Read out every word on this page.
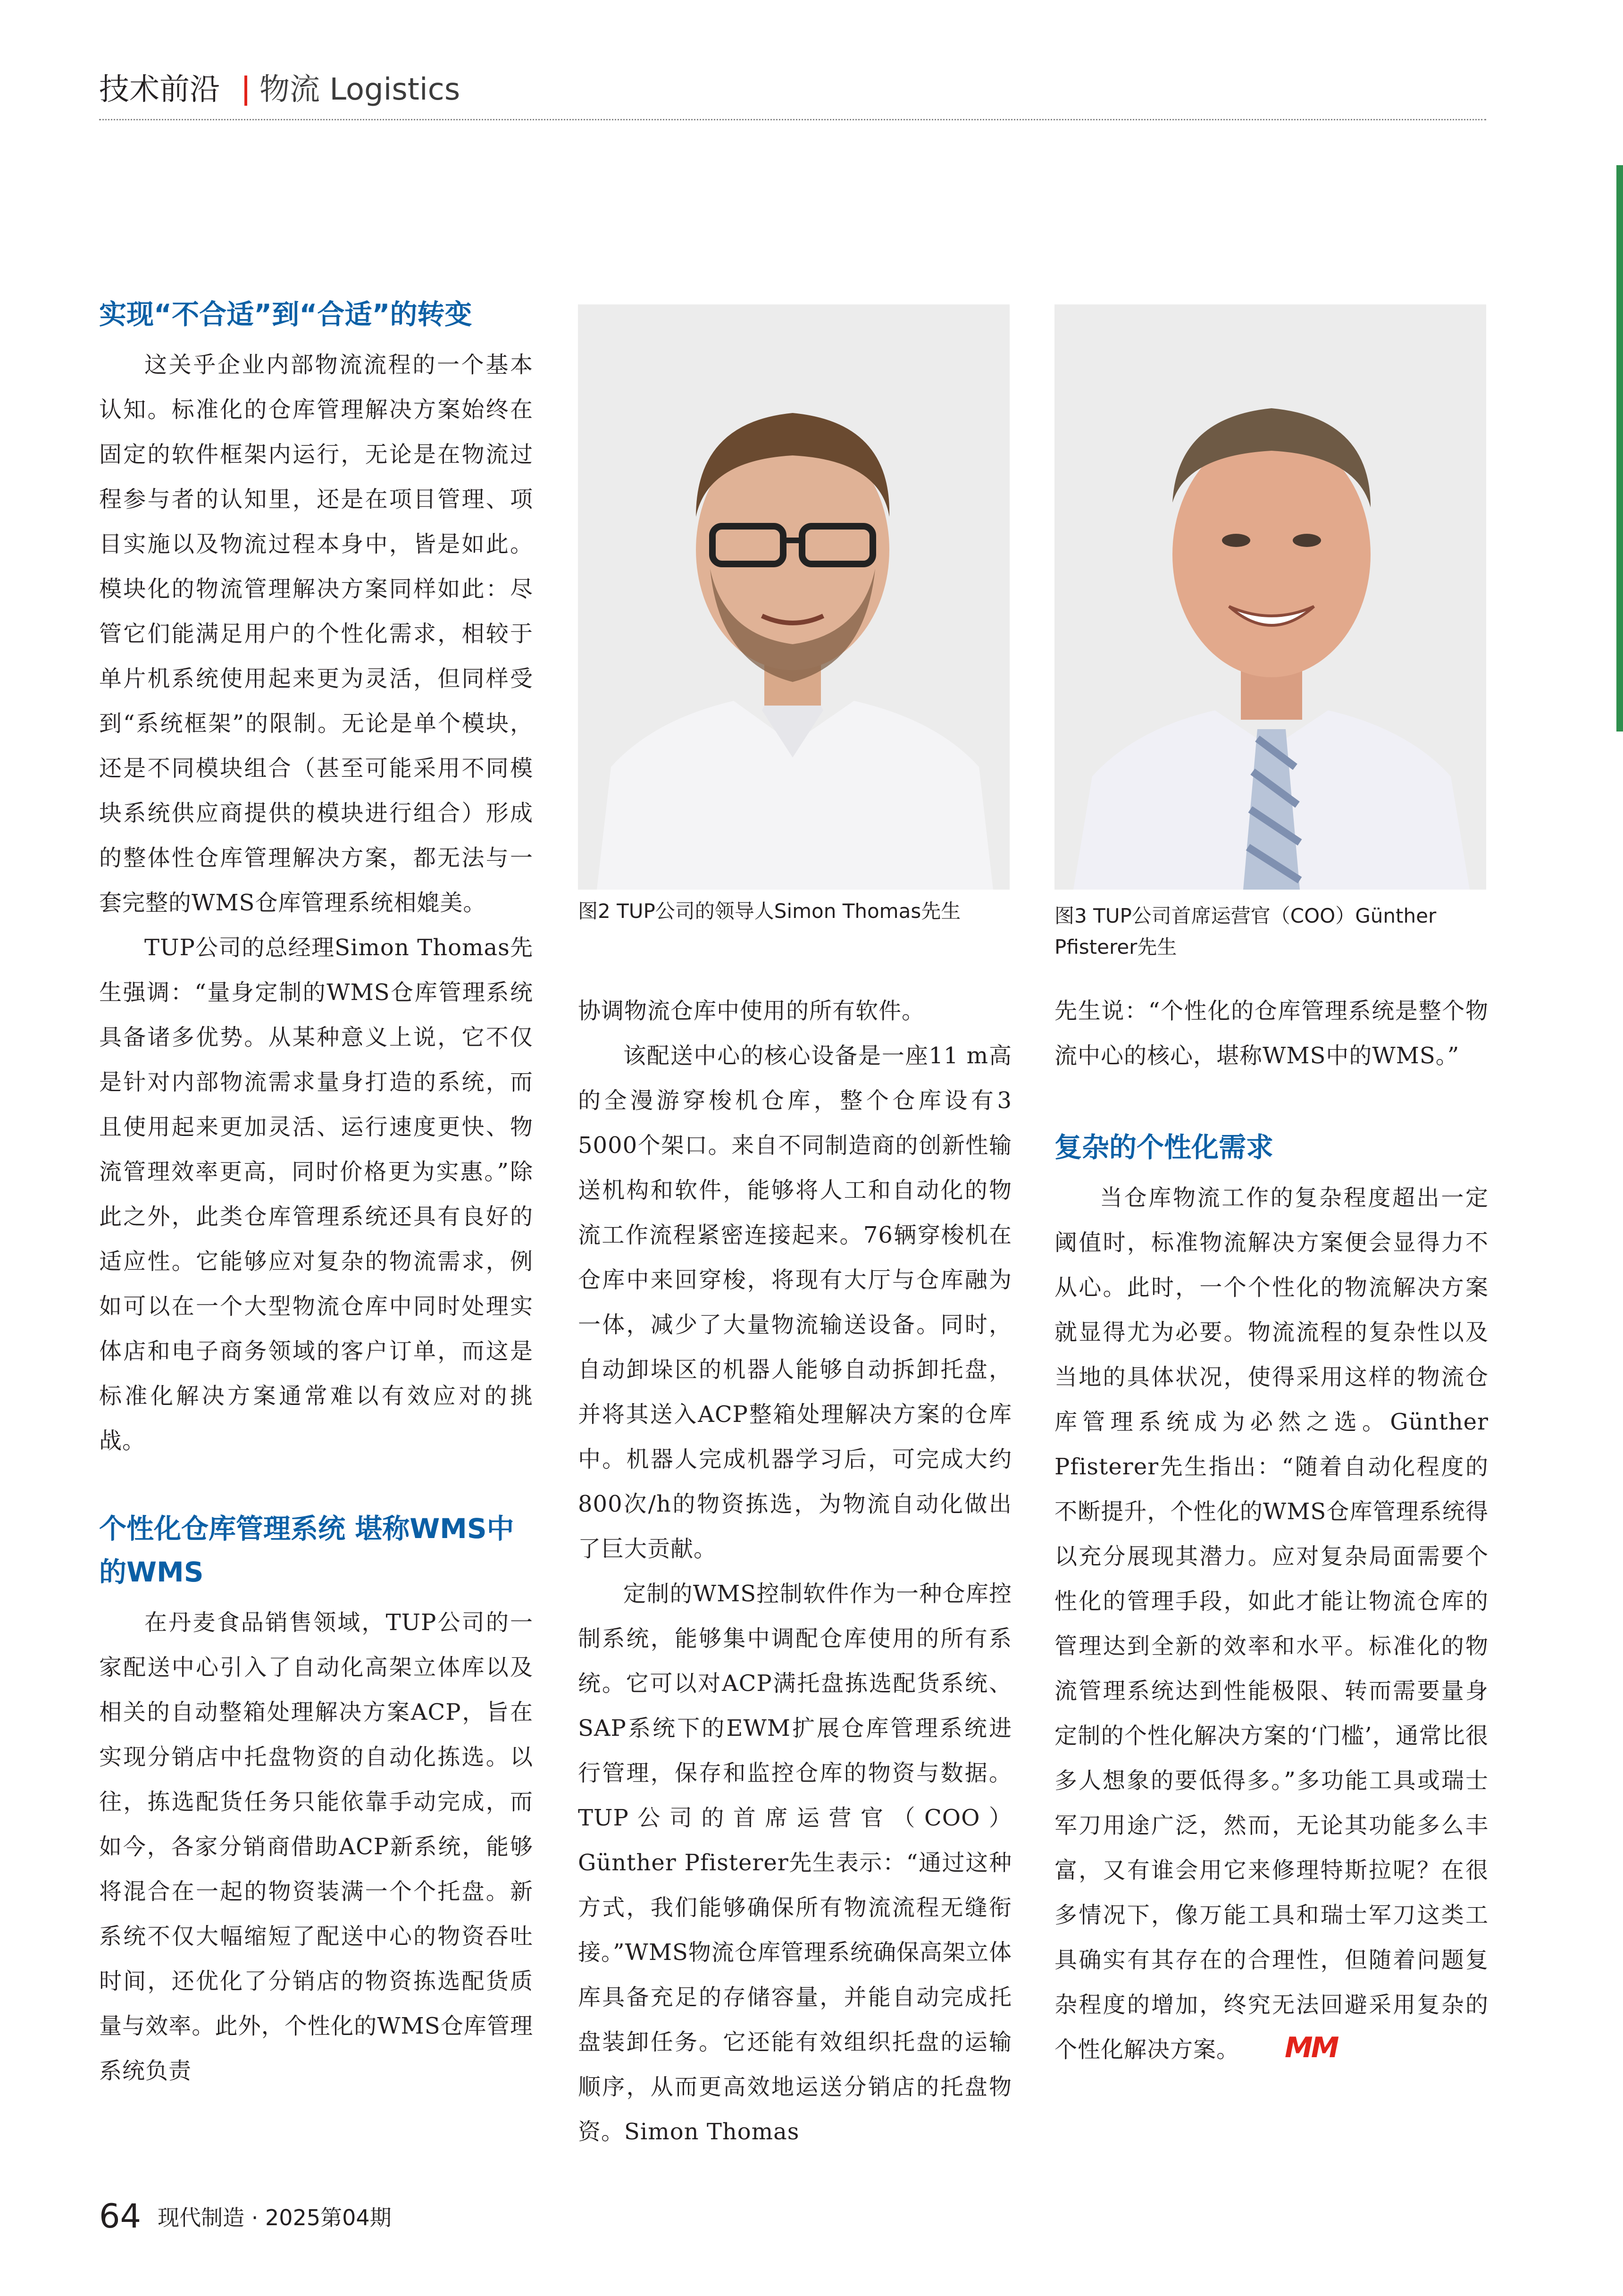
技术前沿 物流 Logistics
实现“不合适”到“合适”的转变

这关乎企业内部物流流程的一个基本认知。标准化的仓库管理解决方案始终在固定的软件框架内运行，无论是在物流过程参与者的认知里，还是在项目管理、项目实施以及物流过程本身中，皆是如此。模块化的物流管理解决方案同样如此：尽管它们能满足用户的个性化需求，相较于单片机系统使用起来更为灵活，但同样受到“系统框架”的限制。无论是单个模块，还是不同模块组合（甚至可能采用不同模块系统供应商提供的模块进行组合）形成的整体性仓库管理解决方案，都无法与一套完整的WMS仓库管理系统相媲美。

TUP公司的总经理Simon Thomas先生强调：“量身定制的WMS仓库管理系统具备诸多优势。从某种意义上说，它不仅是针对内部物流需求量身打造的系统，而且使用起来更加灵活、运行速度更快、物流管理效率更高，同时价格更为实惠。”除此之外，此类仓库管理系统还具有良好的适应性。它能够应对复杂的物流需求，例如可以在一个大型物流仓库中同时处理实体店和电子商务领域的客户订单，而这是标准化解决方案通常难以有效应对的挑战。

个性化仓库管理系统 堪称WMS中的WMS

在丹麦食品销售领域，TUP公司的一家配送中心引入了自动化高架立体库以及相关的自动整箱处理解决方案ACP，旨在实现分销店中托盘物资的自动化拣选。以往，拣选配货任务只能依靠手动完成，而如今，各家分销商借助ACP新系统，能够将混合在一起的物资装满一个个托盘。新系统不仅大幅缩短了配送中心的物资吞吐时间，还优化了分销店的物资拣选配货质量与效率。此外，个性化的WMS仓库管理系统负责

图2 TUP公司的领导人Simon Thomas先生	图3 TUP公司首席运营官（COO）Günther Pfisterer先生

协调物流仓库中使用的所有软件。

该配送中心的核心设备是一座11 m高的全漫游穿梭机仓库，整个仓库设有3 5000个架口。来自不同制造商的创新性输送机构和软件，能够将人工和自动化的物流工作流程紧密连接起来。76辆穿梭机在仓库中来回穿梭，将现有大厅与仓库融为一体，减少了大量物流输送设备。同时，自动卸垛区的机器人能够自动拆卸托盘，并将其送入ACP整箱处理解决方案的仓库中。机器人完成机器学习后，可完成大约800次/h的物资拣选，为物流自动化做出了巨大贡献。

定制的WMS控制软件作为一种仓库控制系统，能够集中调配仓库使用的所有系统。它可以对ACP满托盘拣选配货系统、SAP系统下的EWM扩展仓库管理系统进行管理，保存和监控仓库的物资与数据。TUP公司的首席运营官（COO）Günther Pfisterer先生表示：“通过这种方式，我们能够确保所有物流流程无缝衔接。”WMS物流仓库管理系统确保高架立体库具备充足的存储容量，并能自动完成托盘装卸任务。它还能有效组织托盘的运输顺序，从而更高效地运送分销店的托盘物资。Simon Thomas

先生说：“个性化的仓库管理系统是整个物流中心的核心，堪称WMS中的WMS。”

复杂的个性化需求

当仓库物流工作的复杂程度超出一定阈值时，标准物流解决方案便会显得力不从心。此时，一个个性化的物流解决方案就显得尤为必要。物流流程的复杂性以及当地的具体状况，使得采用这样的物流仓库管理系统成为必然之选。Günther Pfisterer先生指出：“随着自动化程度的不断提升，个性化的WMS仓库管理系统得以充分展现其潜力。应对复杂局面需要个性化的管理手段，如此才能让物流仓库的管理达到全新的效率和水平。标准化的物流管理系统达到性能极限、转而需要量身定制的个性化解决方案的‘门槛’，通常比很多人想象的要低得多。”多功能工具或瑞士军刀用途广泛，然而，无论其功能多么丰富，又有谁会用它来修理特斯拉呢？在很多情况下，像万能工具和瑞士军刀这类工具确实有其存在的合理性，但随着问题复杂程度的增加，终究无法回避采用复杂的个性化解决方案。 MM

64 现代制造 · 2025第04期
